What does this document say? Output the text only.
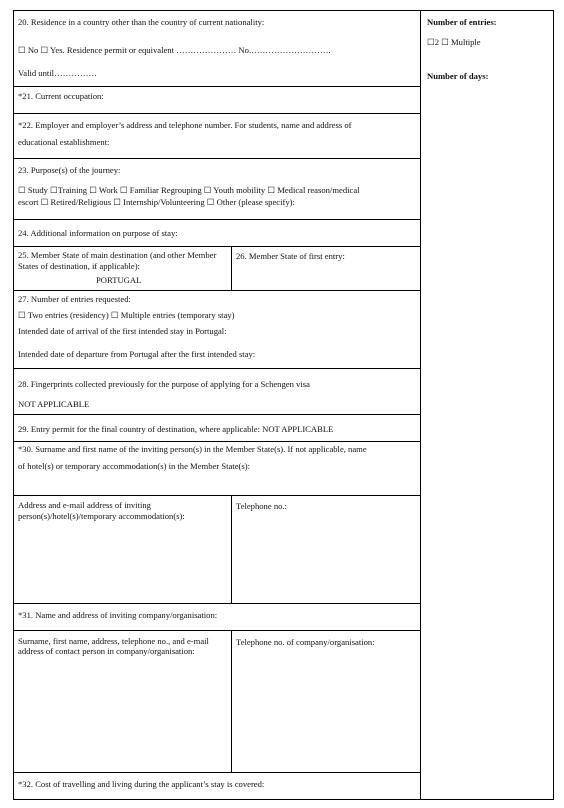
20. Residence in a country other than the country of current nationality:
☐ No ☐ Yes. Residence permit or equivalent ………………… No.……………………….
Valid until……………
*21. Current occupation:
*22. Employer and employer’s address and telephone number. For students, name and address of
educational establishment:
23. Purpose(s) of the journey:
☐ Study ☐Training ☐ Work ☐ Familiar Regrouping ☐ Youth mobility ☐ Medical reason/medical
escort ☐ Retired/Religious ☐ Internship/Volunteering ☐ Other (please specify):
24. Additional information on purpose of stay:
25. Member State of main destination (and other Member States of destination, if applicable):
PORTUGAL
26. Member State of first entry:
27. Number of entries requested:
☐ Two entries (residency) ☐ Multiple entries (temporary stay)
Intended date of arrival of the first intended stay in Portugal:
Intended date of departure from Portugal after the first intended stay:
28. Fingerprints collected previously for the purpose of applying for a Schengen visa
NOT APPLICABLE
29. Entry permit for the final country of destination, where applicable: NOT APPLICABLE
*30. Surname and first name of the inviting person(s) in the Member State(s). If not applicable, name
of hotel(s) or temporary accommodation(s) in the Member State(s):
Address and e-mail address of inviting person(s)/hotel(s)/temporary accommodation(s):
Telephone no.:
*31. Name and address of inviting company/organisation:
Surname, first name, address, telephone no., and e-mail address of contact person in company/organisation:
Telephone no. of company/organisation:
*32. Cost of travelling and living during the applicant’s stay is covered:
Number of entries:
☐2 ☐ Multiple
Number of days:
